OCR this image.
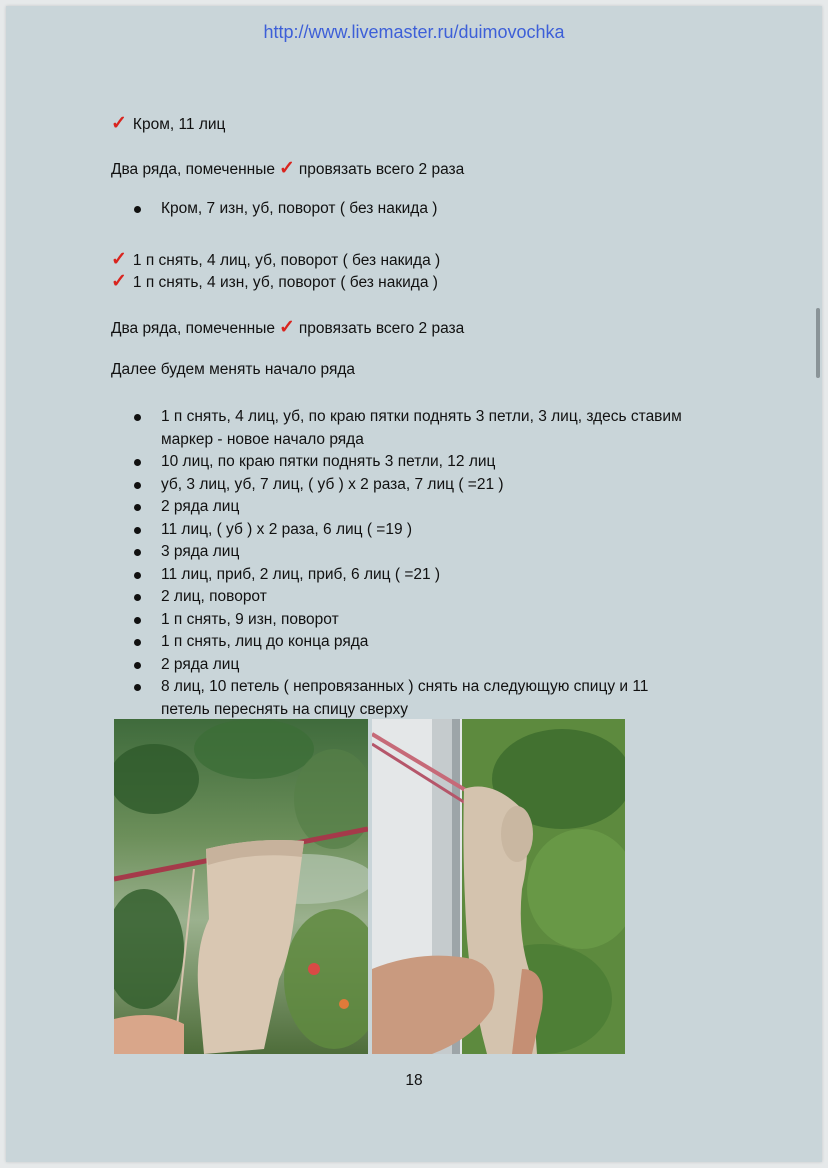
http://www.livemaster.ru/duimovochka
✓ Кром, 11 лиц
Два ряда, помеченные ✓ провязать всего 2 раза
Кром, 7 изн, уб, поворот ( без накида )
✓ 1 п снять, 4 лиц, уб, поворот ( без накида )
✓ 1 п снять, 4 изн, уб, поворот ( без накида )
Два ряда, помеченные ✓ провязать всего 2 раза
Далее будем менять начало ряда
1 п снять, 4 лиц, уб, по краю пятки поднять 3 петли, 3 лиц, здесь ставим
маркер - новое начало ряда
10 лиц, по краю пятки поднять 3 петли, 12 лиц
уб, 3 лиц, уб, 7 лиц, ( уб ) х 2 раза, 7 лиц ( =21 )
2 ряда лиц
11 лиц, ( уб ) х 2 раза, 6 лиц ( =19 )
3 ряда лиц
11 лиц, приб, 2 лиц, приб, 6 лиц ( =21 )
2 лиц, поворот
1 п снять, 9 изн, поворот
1 п снять, лиц до конца ряда
2 ряда лиц
8 лиц, 10 петель ( непровязанных ) снять на следующую спицу и 11
петель переснять на спицу сверху
18
